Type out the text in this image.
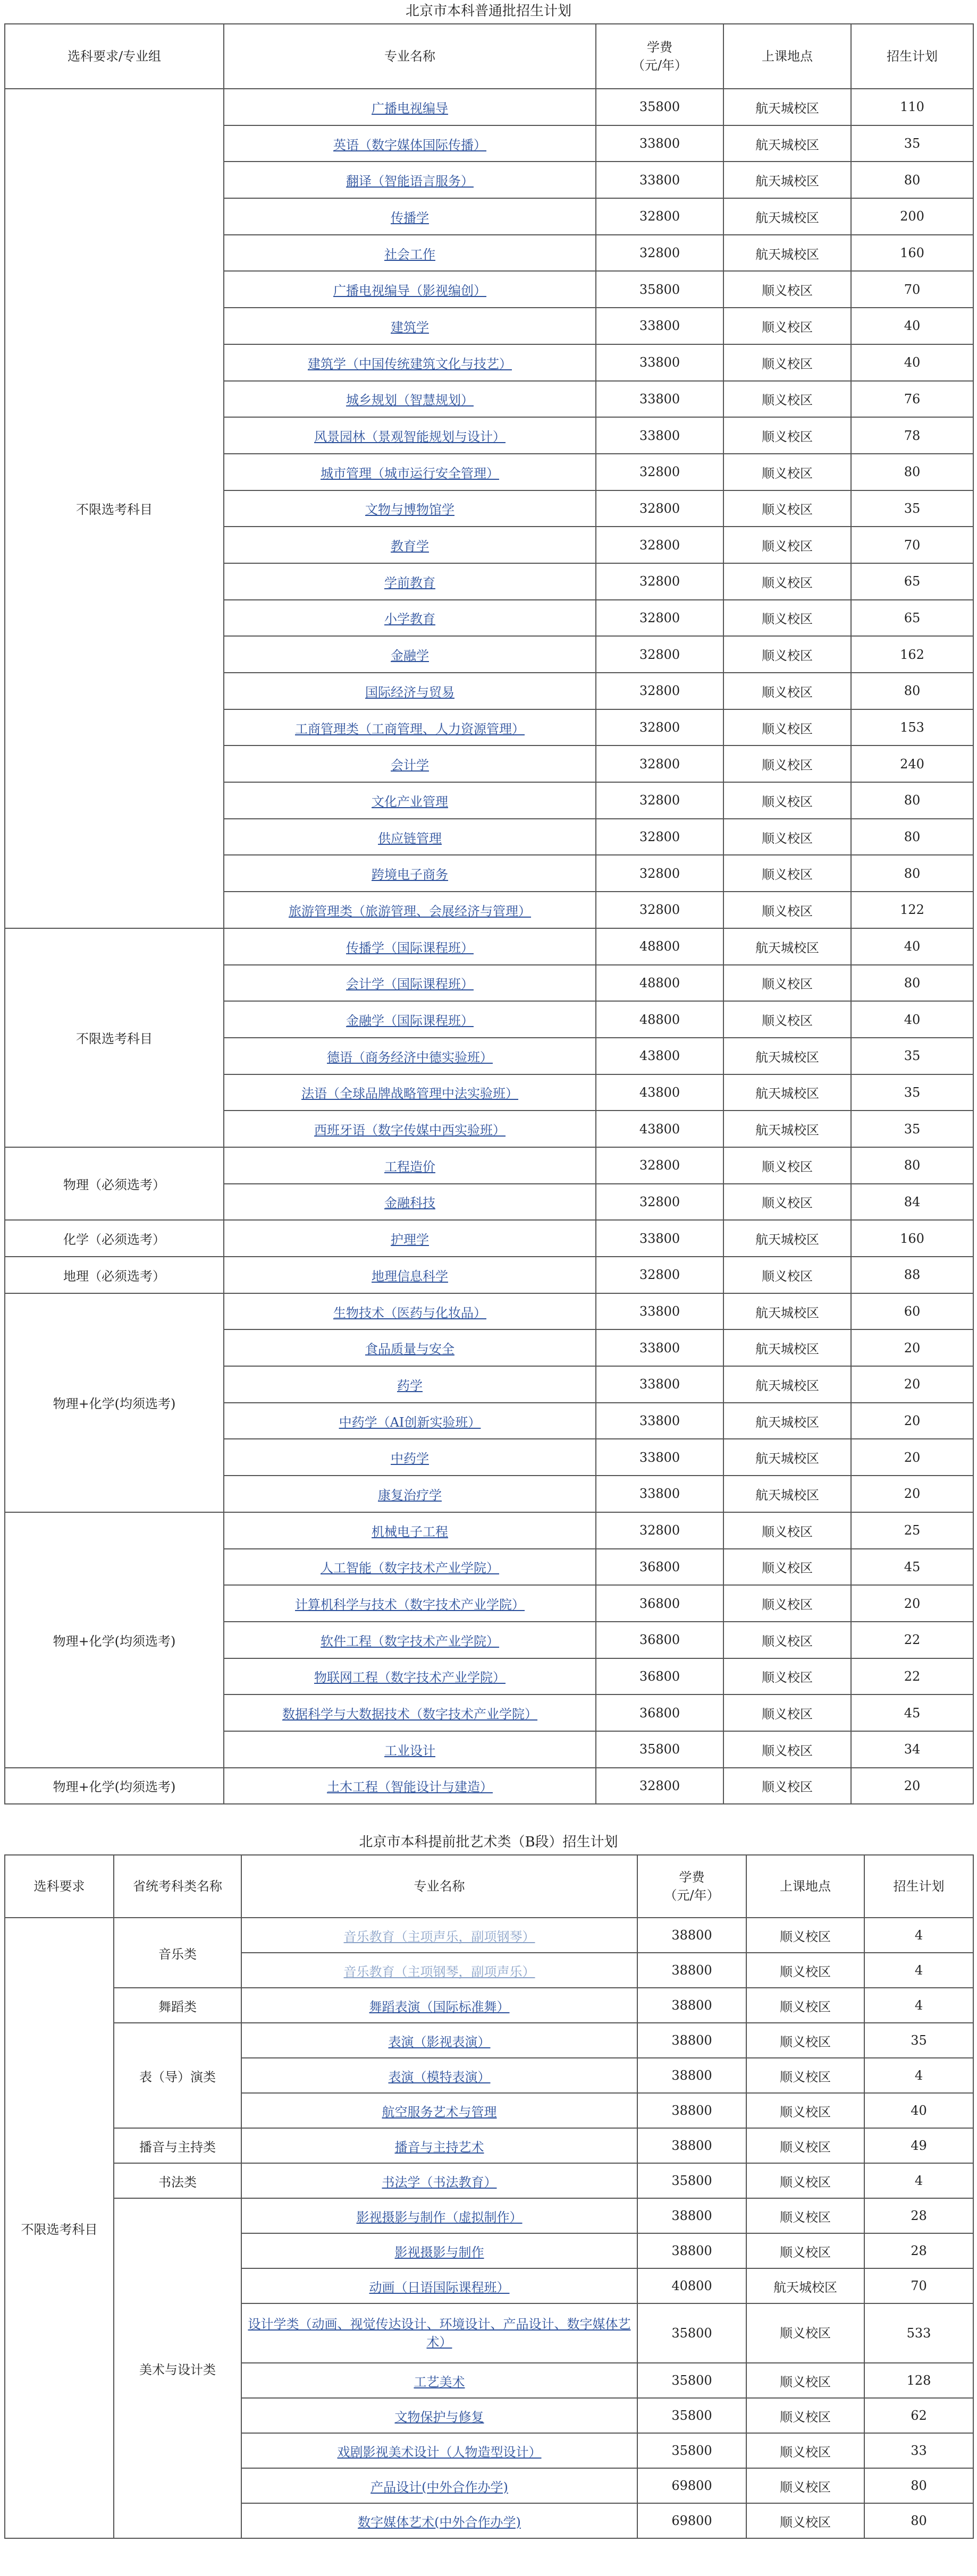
北京市本科普通批招生计划
选科要求/专业组	专业名称	学费
（元/年）	上课地点	招生计划
不限选考科目	广播电视编导	35800	航天城校区	110
	英语（数字媒体国际传播）	33800	航天城校区	35
	翻译（智能语言服务）	33800	航天城校区	80
	传播学	32800	航天城校区	200
	社会工作	32800	航天城校区	160
	广播电视编导（影视编创）	35800	顺义校区	70
	建筑学	33800	顺义校区	40
	建筑学（中国传统建筑文化与技艺）	33800	顺义校区	40
	城乡规划（智慧规划）	33800	顺义校区	76
	风景园林（景观智能规划与设计）	33800	顺义校区	78
	城市管理（城市运行安全管理）	32800	顺义校区	80
	文物与博物馆学	32800	顺义校区	35
	教育学	32800	顺义校区	70
	学前教育	32800	顺义校区	65
	小学教育	32800	顺义校区	65
	金融学	32800	顺义校区	162
	国际经济与贸易	32800	顺义校区	80
	工商管理类（工商管理、人力资源管理）	32800	顺义校区	153
	会计学	32800	顺义校区	240
	文化产业管理	32800	顺义校区	80
	供应链管理	32800	顺义校区	80
	跨境电子商务	32800	顺义校区	80
	旅游管理类（旅游管理、会展经济与管理）	32800	顺义校区	122
不限选考科目	传播学（国际课程班）	48800	航天城校区	40
	会计学（国际课程班）	48800	顺义校区	80
	金融学（国际课程班）	48800	顺义校区	40
	德语（商务经济中德实验班）	43800	航天城校区	35
	法语（全球品牌战略管理中法实验班）	43800	航天城校区	35
	西班牙语（数字传媒中西实验班）	43800	航天城校区	35
物理（必须选考）	工程造价	32800	顺义校区	80
	金融科技	32800	顺义校区	84
化学（必须选考）	护理学	33800	航天城校区	160
地理（必须选考）	地理信息科学	32800	顺义校区	88
物理+化学(均须选考)	生物技术（医药与化妆品）	33800	航天城校区	60
	食品质量与安全	33800	航天城校区	20
	药学	33800	航天城校区	20
	中药学（AI创新实验班）	33800	航天城校区	20
	中药学	33800	航天城校区	20
	康复治疗学	33800	航天城校区	20
物理+化学(均须选考)	机械电子工程	32800	顺义校区	25
	人工智能（数字技术产业学院）	36800	顺义校区	45
	计算机科学与技术（数字技术产业学院）	36800	顺义校区	20
	软件工程（数字技术产业学院）	36800	顺义校区	22
	物联网工程（数字技术产业学院）	36800	顺义校区	22
	数据科学与大数据技术（数字技术产业学院）	36800	顺义校区	45
	工业设计	35800	顺义校区	34
物理+化学(均须选考)	土木工程（智能设计与建造）	32800	顺义校区	20
北京市本科提前批艺术类（B段）招生计划
选科要求	省统考科类名称	专业名称	学费
（元/年）	上课地点	招生计划
不限选考科目	音乐类	音乐教育（主项声乐，副项钢琴）	38800	顺义校区	4
		音乐教育（主项钢琴，副项声乐）	38800	顺义校区	4
	舞蹈类	舞蹈表演（国际标准舞）	38800	顺义校区	4
	表（导）演类	表演（影视表演）	38800	顺义校区	35
		表演（模特表演）	38800	顺义校区	4
		航空服务艺术与管理	38800	顺义校区	40
	播音与主持类	播音与主持艺术	38800	顺义校区	49
	书法类	书法学（书法教育）	35800	顺义校区	4
	美术与设计类	影视摄影与制作（虚拟制作）	38800	顺义校区	28
		影视摄影与制作	38800	顺义校区	28
		动画（日语国际课程班）	40800	航天城校区	70
		设计学类（动画、视觉传达设计、环境设计、产品设计、数字媒体艺术）	35800	顺义校区	533
		工艺美术	35800	顺义校区	128
		文物保护与修复	35800	顺义校区	62
		戏剧影视美术设计（人物造型设计）	35800	顺义校区	33
		产品设计(中外合作办学)	69800	顺义校区	80
		数字媒体艺术(中外合作办学)	69800	顺义校区	80
